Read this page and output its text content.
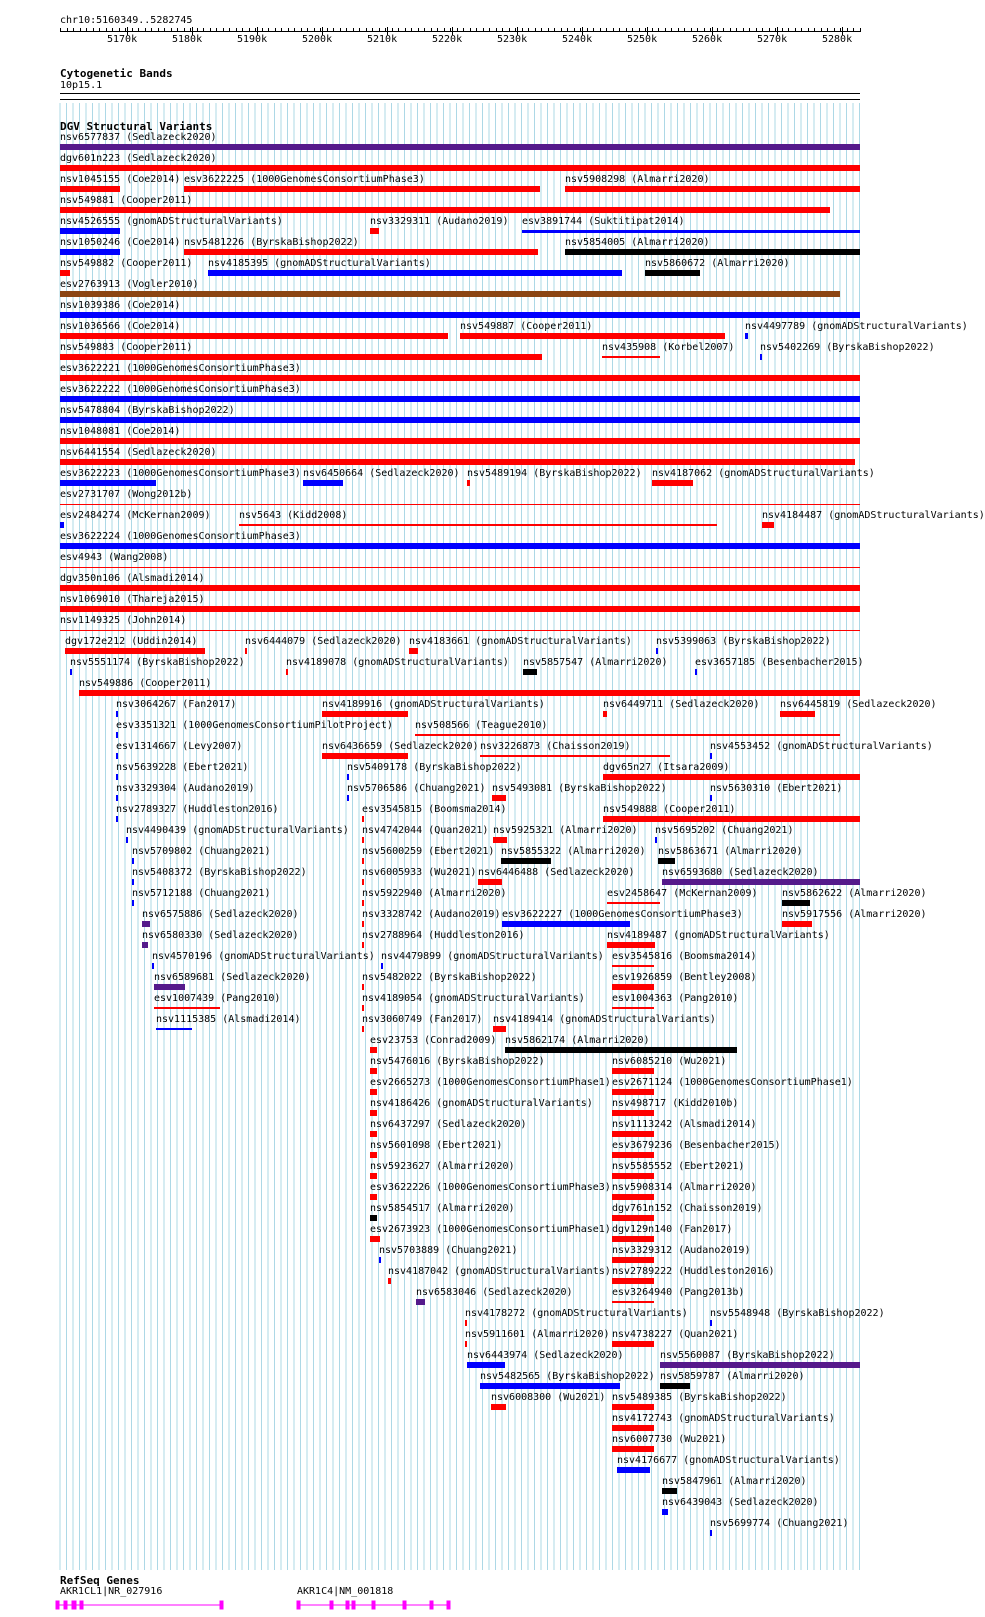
chr10:5160349..5282745
5170k	5180k	5190k	5200k	5210k	5220k	5230k	5240k	5250k	5260k	5270k	5280k
Cytogenetic Bands
10p15.1
DGV Structural Variants
nsv6577837 (Sedlazeck2020)
dgv601n223 (Sedlazeck2020)
nsv1045155 (Coe2014) esv3622225 (1000GenomesConsortiumPhase3)	nsv5908298 (Almarri2020)
nsv549881 (Cooper2011)
nsv4526555 (gnomADStructuralVariants)	nsv3329311 (Audano2019) esv3891744 (Suktitipat2014)
nsv1050246 (Coe2014) nsv5481226 (ByrskaBishop2022)	nsv5854005 (Almarri2020)
nsv549882 (Cooper2011) nsv4185395 (gnomADStructuralVariants)	nsv5860672 (Almarri2020)
esv2763913 (Vogler2010)
nsv1039386 (Coe2014)
nsv1036566 (Coe2014)	nsv549887 (Cooper2011)	nsv4497789 (gnomADStructuralVariants)
nsv549883 (Cooper2011)	nsv435908 (Korbel2007)	nsv5402269 (ByrskaBishop2022)
esv3622221 (1000GenomesConsortiumPhase3)
esv3622222 (1000GenomesConsortiumPhase3)
nsv5478804 (ByrskaBishop2022)
nsv1048081 (Coe2014)
nsv6441554 (Sedlazeck2020)
esv3622223 (1000GenomesConsortiumPhase3) nsv6450664 (Sedlazeck2020) nsv5489194 (ByrskaBishop2022) nsv4187062 (gnomADStructuralVariants)
esv2731707 (Wong2012b)
esv2484274 (McKernan2009)	nsv5643 (Kidd2008)	nsv4184487 (gnomADStructuralVariants)
esv3622224 (1000GenomesConsortiumPhase3)
esv4943 (Wang2008)
dgv350n106 (Alsmadi2014)
nsv1069010 (Thareja2015)
nsv1149325 (John2014)
dgv172e212 (Uddin2014)	nsv6444079 (Sedlazeck2020) nsv4183661 (gnomADStructuralVariants) nsv5399063 (ByrskaBishop2022)
nsv5551174 (ByrskaBishop2022)	nsv4189078 (gnomADStructuralVariants) nsv5857547 (Almarri2020)	esv3657185 (Besenbacher2015)
nsv549886 (Cooper2011)
nsv3064267 (Fan2017)	nsv4189916 (gnomADStructuralVariants)	nsv6449711 (Sedlazeck2020) nsv6445819 (Sedlazeck2020)
esv3351321 (1000GenomesConsortiumPilotProject) nsv508566 (Teague2010)
esv1314667 (Levy2007)	nsv6436659 (Sedlazeck2020) nsv3226873 (Chaisson2019)	nsv4553452 (gnomADStructuralVariants)
nsv5639228 (Ebert2021)	nsv5409178 (ByrskaBishop2022)	dgv65n27 (Itsara2009)
nsv3329304 (Audano2019)	nsv5706586 (Chuang2021) nsv5493081 (ByrskaBishop2022)	nsv5630310 (Ebert2021)
nsv2789327 (Huddleston2016)	esv3545815 (Boomsma2014)	nsv549888 (Cooper2011)
nsv4490439 (gnomADStructuralVariants) nsv4742044 (Quan2021) nsv5925321 (Almarri2020) nsv5695202 (Chuang2021)
nsv5709802 (Chuang2021)	nsv5600259 (Ebert2021) nsv5855322 (Almarri2020) nsv5863671 (Almarri2020)
nsv5408372 (ByrskaBishop2022)	nsv6005933 (Wu2021) nsv6446488 (Sedlazeck2020)	nsv6593680 (Sedlazeck2020)
nsv5712188 (Chuang2021)	nsv5922940 (Almarri2020)	esv2458647 (McKernan2009) nsv5862622 (Almarri2020)
nsv6575886 (Sedlazeck2020)	nsv3328742 (Audano2019) esv3622227 (1000GenomesConsortiumPhase3)	nsv5917556 (Almarri2020)
nsv6580330 (Sedlazeck2020)	nsv2788964 (Huddleston2016)	nsv4189487 (gnomADStructuralVariants)
nsv4570196 (gnomADStructuralVariants) nsv4479899 (gnomADStructuralVariants) esv3545816 (Boomsma2014)
nsv6589681 (Sedlazeck2020)	nsv5482022 (ByrskaBishop2022)	esv1926859 (Bentley2008)
esv1007439 (Pang2010)	nsv4189054 (gnomADStructuralVariants)	esv1004363 (Pang2010)
nsv1115385 (Alsmadi2014)	nsv3060749 (Fan2017) nsv4189414 (gnomADStructuralVariants)
esv23753 (Conrad2009) nsv5862174 (Almarri2020)
nsv5476016 (ByrskaBishop2022)	nsv6085210 (Wu2021)
esv2665273 (1000GenomesConsortiumPhase1) esv2671124 (1000GenomesConsortiumPhase1)
nsv4186426 (gnomADStructuralVariants) nsv498717 (Kidd2010b)
nsv6437297 (Sedlazeck2020)	nsv1113242 (Alsmadi2014)
nsv5601098 (Ebert2021)	esv3679236 (Besenbacher2015)
nsv5923627 (Almarri2020)	nsv5585552 (Ebert2021)
esv3622226 (1000GenomesConsortiumPhase3) nsv5908314 (Almarri2020)
nsv5854517 (Almarri2020)	dgv761n152 (Chaisson2019)
esv2673923 (1000GenomesConsortiumPhase1) dgv129n140 (Fan2017)
nsv5703889 (Chuang2021)	nsv3329312 (Audano2019)
nsv4187042 (gnomADStructuralVariants) nsv2789222 (Huddleston2016)
nsv6583046 (Sedlazeck2020)	esv3264940 (Pang2013b)
nsv4178272 (gnomADStructuralVariants) nsv5548948 (ByrskaBishop2022)
nsv5911601 (Almarri2020) nsv4738227 (Quan2021)
nsv6443974 (Sedlazeck2020)	nsv5560087 (ByrskaBishop2022)
nsv5482565 (ByrskaBishop2022) nsv5859787 (Almarri2020)
nsv6008300 (Wu2021) nsv5489385 (ByrskaBishop2022)
nsv4172743 (gnomADStructuralVariants)
nsv6007730 (Wu2021)
nsv4176677 (gnomADStructuralVariants)
nsv5847961 (Almarri2020)
nsv6439043 (Sedlazeck2020)
nsv5699774 (Chuang2021)
RefSeq Genes
AKR1CL1|NR_027916	AKR1C4|NM_001818
